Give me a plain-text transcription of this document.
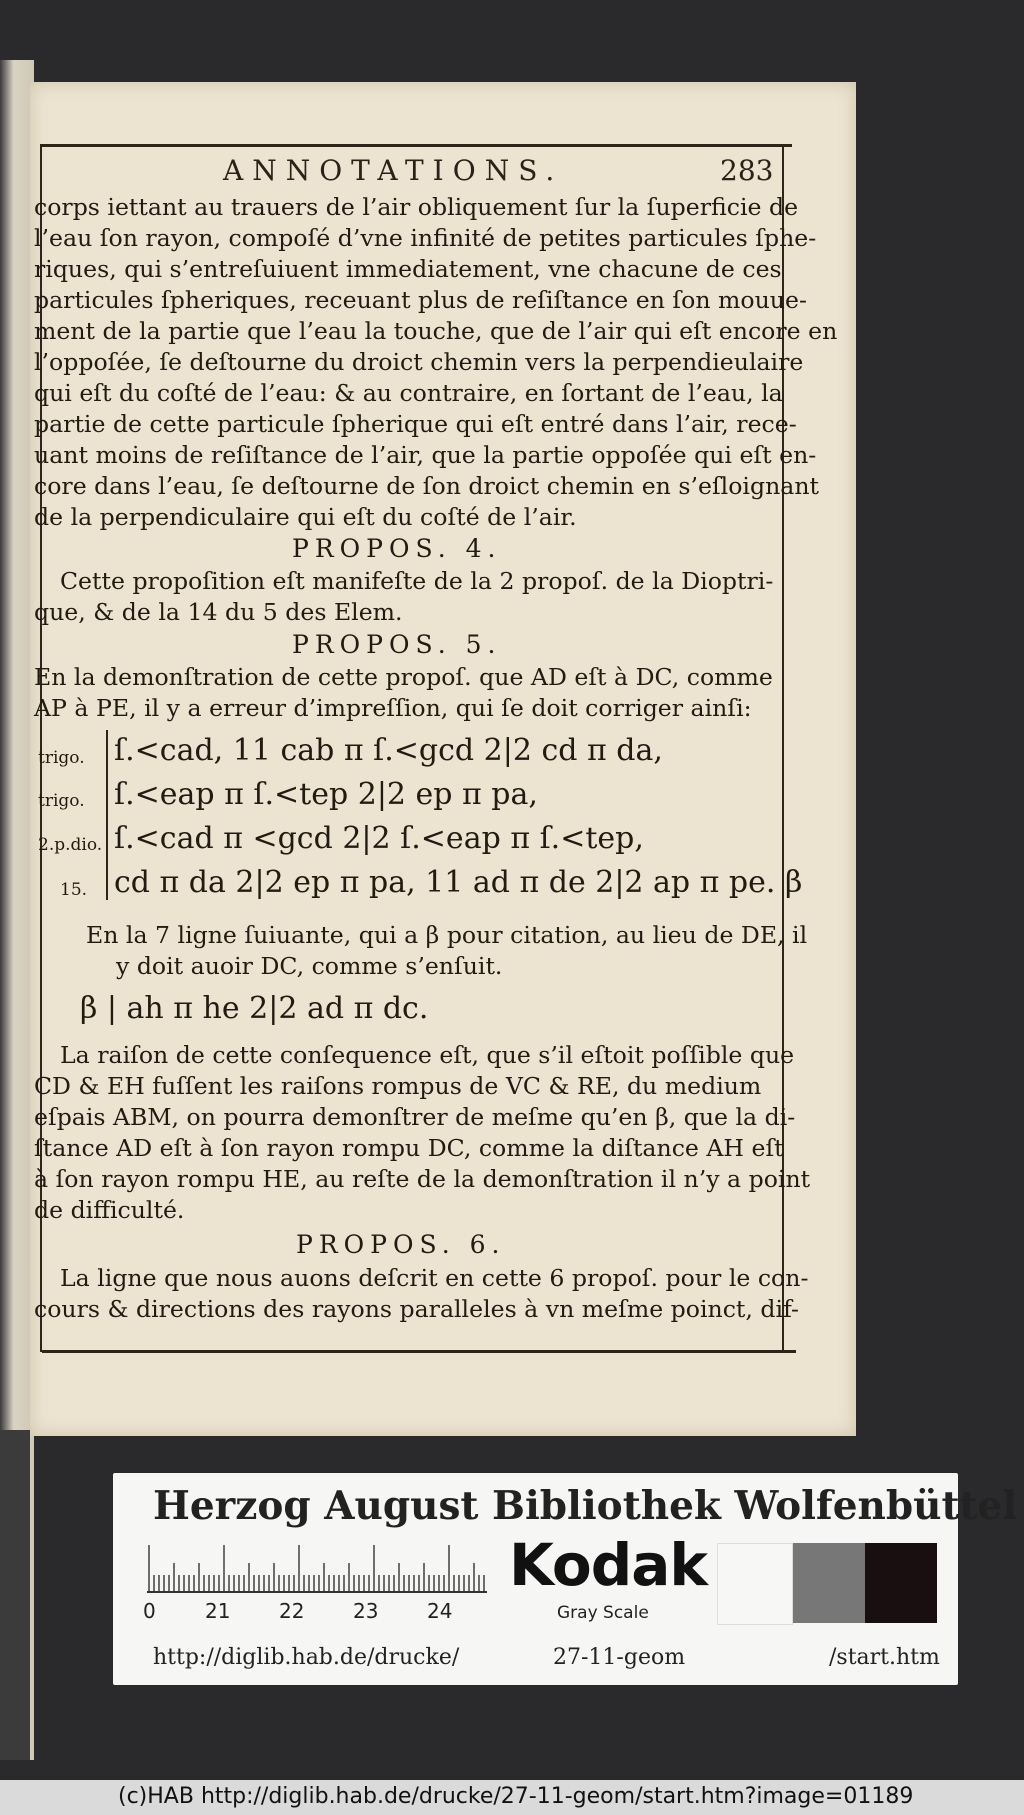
ANNOTATIONS.	283
corps iettant au trauers de l’air obliquement ſur la ſuperficie de
l’eau ſon rayon, compoſé d’vne infinité de petites particules ſphe-
riques, qui s’entreſuiuent immediatement, vne chacune de ces
particules ſpheriques, receuant plus de reſiſtance en ſon mouue-
ment de la partie que l’eau la touche, que de l’air qui eſt encore en
l’oppoſée, ſe deſtourne du droict chemin vers la perpendieulaire
qui eſt du coſté de l’eau: & au contraire, en ſortant de l’eau, la
partie de cette particule ſpherique qui eſt entré dans l’air, rece-
uant moins de reſiſtance de l’air, que la partie oppoſée qui eſt en-
core dans l’eau, ſe deſtourne de ſon droict chemin en s’eſloignant
de la perpendiculaire qui eſt du coſté de l’air.
PROPOS. 4.
Cette propoſition eſt manifeſte de la 2 propoſ. de la Dioptri-
que, & de la 14 du 5 des Elem.
PROPOS. 5.
En la demonſtration de cette propoſ. que AD eſt à DC, comme
AP à PE, il y a erreur d’impreſſion, qui ſe doit corriger ainſi:
trigo. ſ.<cad, 11 cab π ſ.<gcd 2|2 cd π da,
trigo. ſ.<eap π ſ.<tep 2|2 ep π pa,
2.p.dio. ſ.<cad π <gcd 2|2 ſ.<eap π ſ.<tep,
15. cd π da 2|2 ep π pa, 11 ad π de 2|2 ap π pe. β
En la 7 ligne ſuiuante, qui a β pour citation, au lieu de DE, il
y doit auoir DC, comme s’enſuit.
β | ah π he 2|2 ad π dc.
La raiſon de cette conſequence eſt, que s’il eſtoit poſſible que
CD & EH fuſſent les raiſons rompus de VC & RE, du medium
eſpais ABM, on pourra demonſtrer de meſme qu’en β, que la di-
ſtance AD eſt à ſon rayon rompu DC, comme la diſtance AH eſt
à ſon rayon rompu HE, au reſte de la demonſtration il n’y a point
de difficulté.
PROPOS. 6.
La ligne que nous auons deſcrit en cette 6 propoſ. pour le con-
cours & directions des rayons paralleles à vn meſme poinct, dif-
Herzog August Bibliothek Wolfenbüttel
0 21 22 23 24
Kodak
Gray Scale
http://diglib.hab.de/drucke/	27-11-geom	/start.htm
(c)HAB http://diglib.hab.de/drucke/27-11-geom/start.htm?image=01189
